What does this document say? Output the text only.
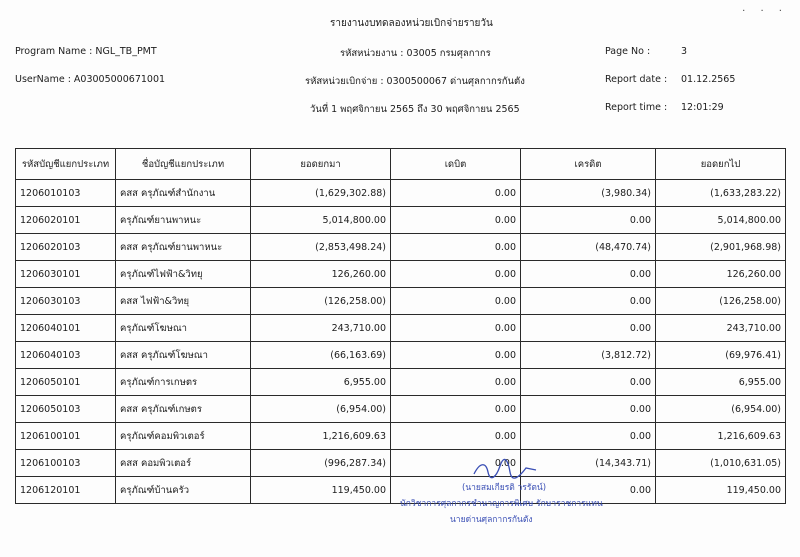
· · ·
รายงานงบทดลองหน่วยเบิกจ่ายรายวัน
Program Name : NGL_TB_PMT	รหัสหน่วยงาน : 03005 กรมศุลกากร	Page No :	3
UserName : A03005000671001	รหัสหน่วยเบิกจ่าย : 0300500067 ด่านศุลกากรกันตัง	Report date : 01.12.2565
วันที่ 1 พฤศจิกายน 2565 ถึง 30 พฤศจิกายน 2565	Report time : 12:01:29
รหัสบัญชีแยกประเภท	ชื่อบัญชีแยกประเภท	ยอดยกมา	เดบิต	เครดิต	ยอดยกไป
1206010103	คสส ครุภัณฑ์สำนักงาน	(1,629,302.88)	0.00	(3,980.34)	(1,633,283.22)
1206020101	ครุภัณฑ์ยานพาหนะ	5,014,800.00	0.00	0.00	5,014,800.00
1206020103	คสส ครุภัณฑ์ยานพาหนะ	(2,853,498.24)	0.00	(48,470.74)	(2,901,968.98)
1206030101	ครุภัณฑ์ไฟฟ้า&วิทยุ	126,260.00	0.00	0.00	126,260.00
1206030103	คสส ไฟฟ้า&วิทยุ	(126,258.00)	0.00	0.00	(126,258.00)
1206040101	ครุภัณฑ์โฆษณา	243,710.00	0.00	0.00	243,710.00
1206040103	คสส ครุภัณฑ์โฆษณา	(66,163.69)	0.00	(3,812.72)	(69,976.41)
1206050101	ครุภัณฑ์การเกษตร	6,955.00	0.00	0.00	6,955.00
1206050103	คสส ครุภัณฑ์เกษตร	(6,954.00)	0.00	0.00	(6,954.00)
1206100101	ครุภัณฑ์คอมพิวเตอร์	1,216,609.63	0.00	0.00	1,216,609.63
1206100103	คสส คอมพิวเตอร์	(996,287.34)	0.00	(14,343.71)	(1,010,631.05)
1206120101	ครุภัณฑ์บ้านครัว	119,450.00		0.00	119,450.00
(นายสมเกียรติ วรรัตน์)
นักวิชาการศุลกากรชำนาญการพิเศษ รักษาราชการแทน
นายด่านศุลกากรกันตัง
